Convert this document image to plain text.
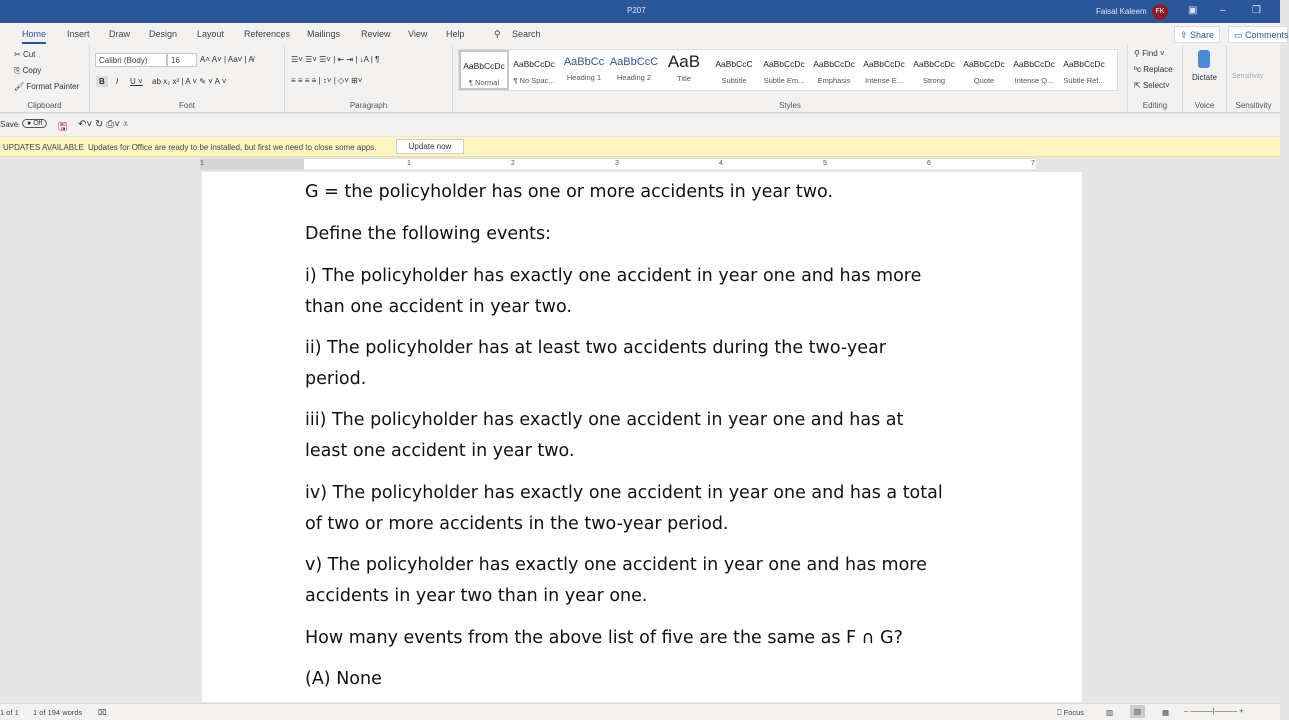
P207	Faisal Kaleem	FK	▣ –	❐
Home Insert Draw Design Layout References Mailings Review View Help	⚲ Search	⇪ Share	▭ Comments
✂ Cut
⎘ Copy
🖌 Format Painter
Clipboard
Calibri (Body)	16	A˄ A˅ | Aa˅ | A̸
B	I U ˅ ab x₂ x² | A ˅ ✎ ˅ A ˅
Font
☰˅ ☰˅ ☰˅ | ⇤ ⇥ | ↓A | ¶
≡ ≡ ≡ ≡ | ↕˅ | ◇˅ ⊞˅
Paragraph
AaBbCcDc
¶ Normal
AaBbCcDc
¶ No Spac...
AaBbCc
Heading 1
AaBbCcC
Heading 2
AaB
Title
AaBbCcC
Subtitle
AaBbCcDc
Subtle Em...
AaBbCcDc
Emphasis
AaBbCcDc
Intense E...
AaBbCcDc
Strong
AaBbCcDc
Quote
AaBbCcDc
Intense Q...
AaBbCcDc
Subtle Ref...
Styles
⚲ Find ˅
ᵇc Replace
⇱ Select˅
Editing
Dictate
Voice
Sensitivity
Sensitivity
Save	● Off	🖫 ↶˅ ↻ ⎙˅ ⩡
UPDATES AVAILABLE Updates for Office are ready to be installed, but first we need to close some apps.	Update now
1	1	2	3	4	5	6	7
G = the policyholder has one or more accidents in year two.
Define the following events:
i) The policyholder has exactly one accident in year one and has more
than one accident in year two.
ii) The policyholder has at least two accidents during the two-year
period.
iii) The policyholder has exactly one accident in year one and has at
least one accident in year two.
iv) The policyholder has exactly one accident in year one and has a total
of two or more accidents in the two-year period.
v) The policyholder has exactly one accident in year one and has more
accidents in year two than in year one.
How many events from the above list of five are the same as F ∩ G?
(A) None
1 of 1 1 of 194 words ⌧	⎕ Focus	▥	▤	▦ – ———|——— +
